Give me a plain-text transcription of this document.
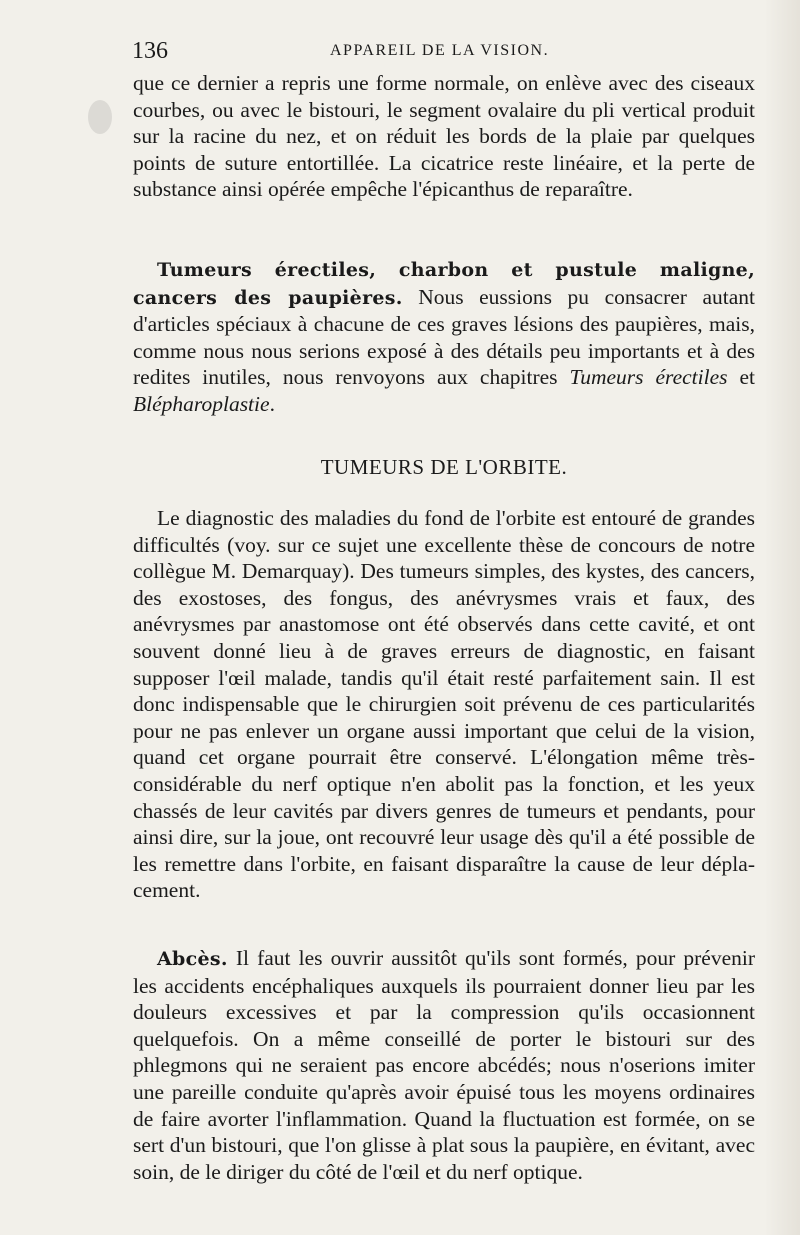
136	APPAREIL DE LA VISION.

que ce dernier a repris une forme normale, on enlève avec des ciseaux courbes, ou avec le bistouri, le segment ovalaire du pli vertical produit sur la racine du nez, et on réduit les bords de la plaie par quelques points de suture entortillée. La cicatrice reste linéaire, et la perte de substance ainsi opérée empêche l'épicanthus de reparaître.

Tumeurs érectiles, charbon et pustule maligne, cancers des paupières. Nous eussions pu consacrer autant d'articles spéciaux à chacune de ces graves lésions des paupières, mais, comme nous nous serions exposé à des détails peu importants et à des redites inutiles, nous renvoyons aux chapitres Tumeurs érectiles et Blépharoplastie.

TUMEURS DE L'ORBITE.

Le diagnostic des maladies du fond de l'orbite est entouré de grandes difficultés (voy. sur ce sujet une excellente thèse de concours de notre collègue M. Demarquay). Des tumeurs simples, des kystes, des cancers, des exostoses, des fongus, des anévrysmes vrais et faux, des anévrysmes par anastomose ont été observés dans cette cavité, et ont souvent donné lieu à de graves erreurs de diagnostic, en faisant supposer l'œil malade, tandis qu'il était resté parfaitement sain. Il est donc indispensable que le chirurgien soit prévenu de ces particularités pour ne pas enlever un organe aussi important que celui de la vision, quand cet organe pourrait être conservé. L'élongation même très-considérable du nerf optique n'en abolit pas la fonction, et les yeux chassés de leur cavités par divers genres de tumeurs et pendants, pour ainsi dire, sur la joue, ont recouvré leur usage dès qu'il a été possible de les remettre dans l'orbite, en faisant disparaître la cause de leur déplacement.

Abcès. Il faut les ouvrir aussitôt qu'ils sont formés, pour prévenir les accidents encéphaliques auxquels ils pourraient donner lieu par les douleurs excessives et par la compression qu'ils occasionnent quelquefois. On a même conseillé de porter le bistouri sur des phlegmons qui ne seraient pas encore abcédés; nous n'oserions imiter une pareille conduite qu'après avoir épuisé tous les moyens ordinaires de faire avorter l'inflammation. Quand la fluctuation est formée, on se sert d'un bistouri, que l'on glisse à plat sous la paupière, en évitant, avec soin, de le diriger du côté de l'œil et du nerf optique.
